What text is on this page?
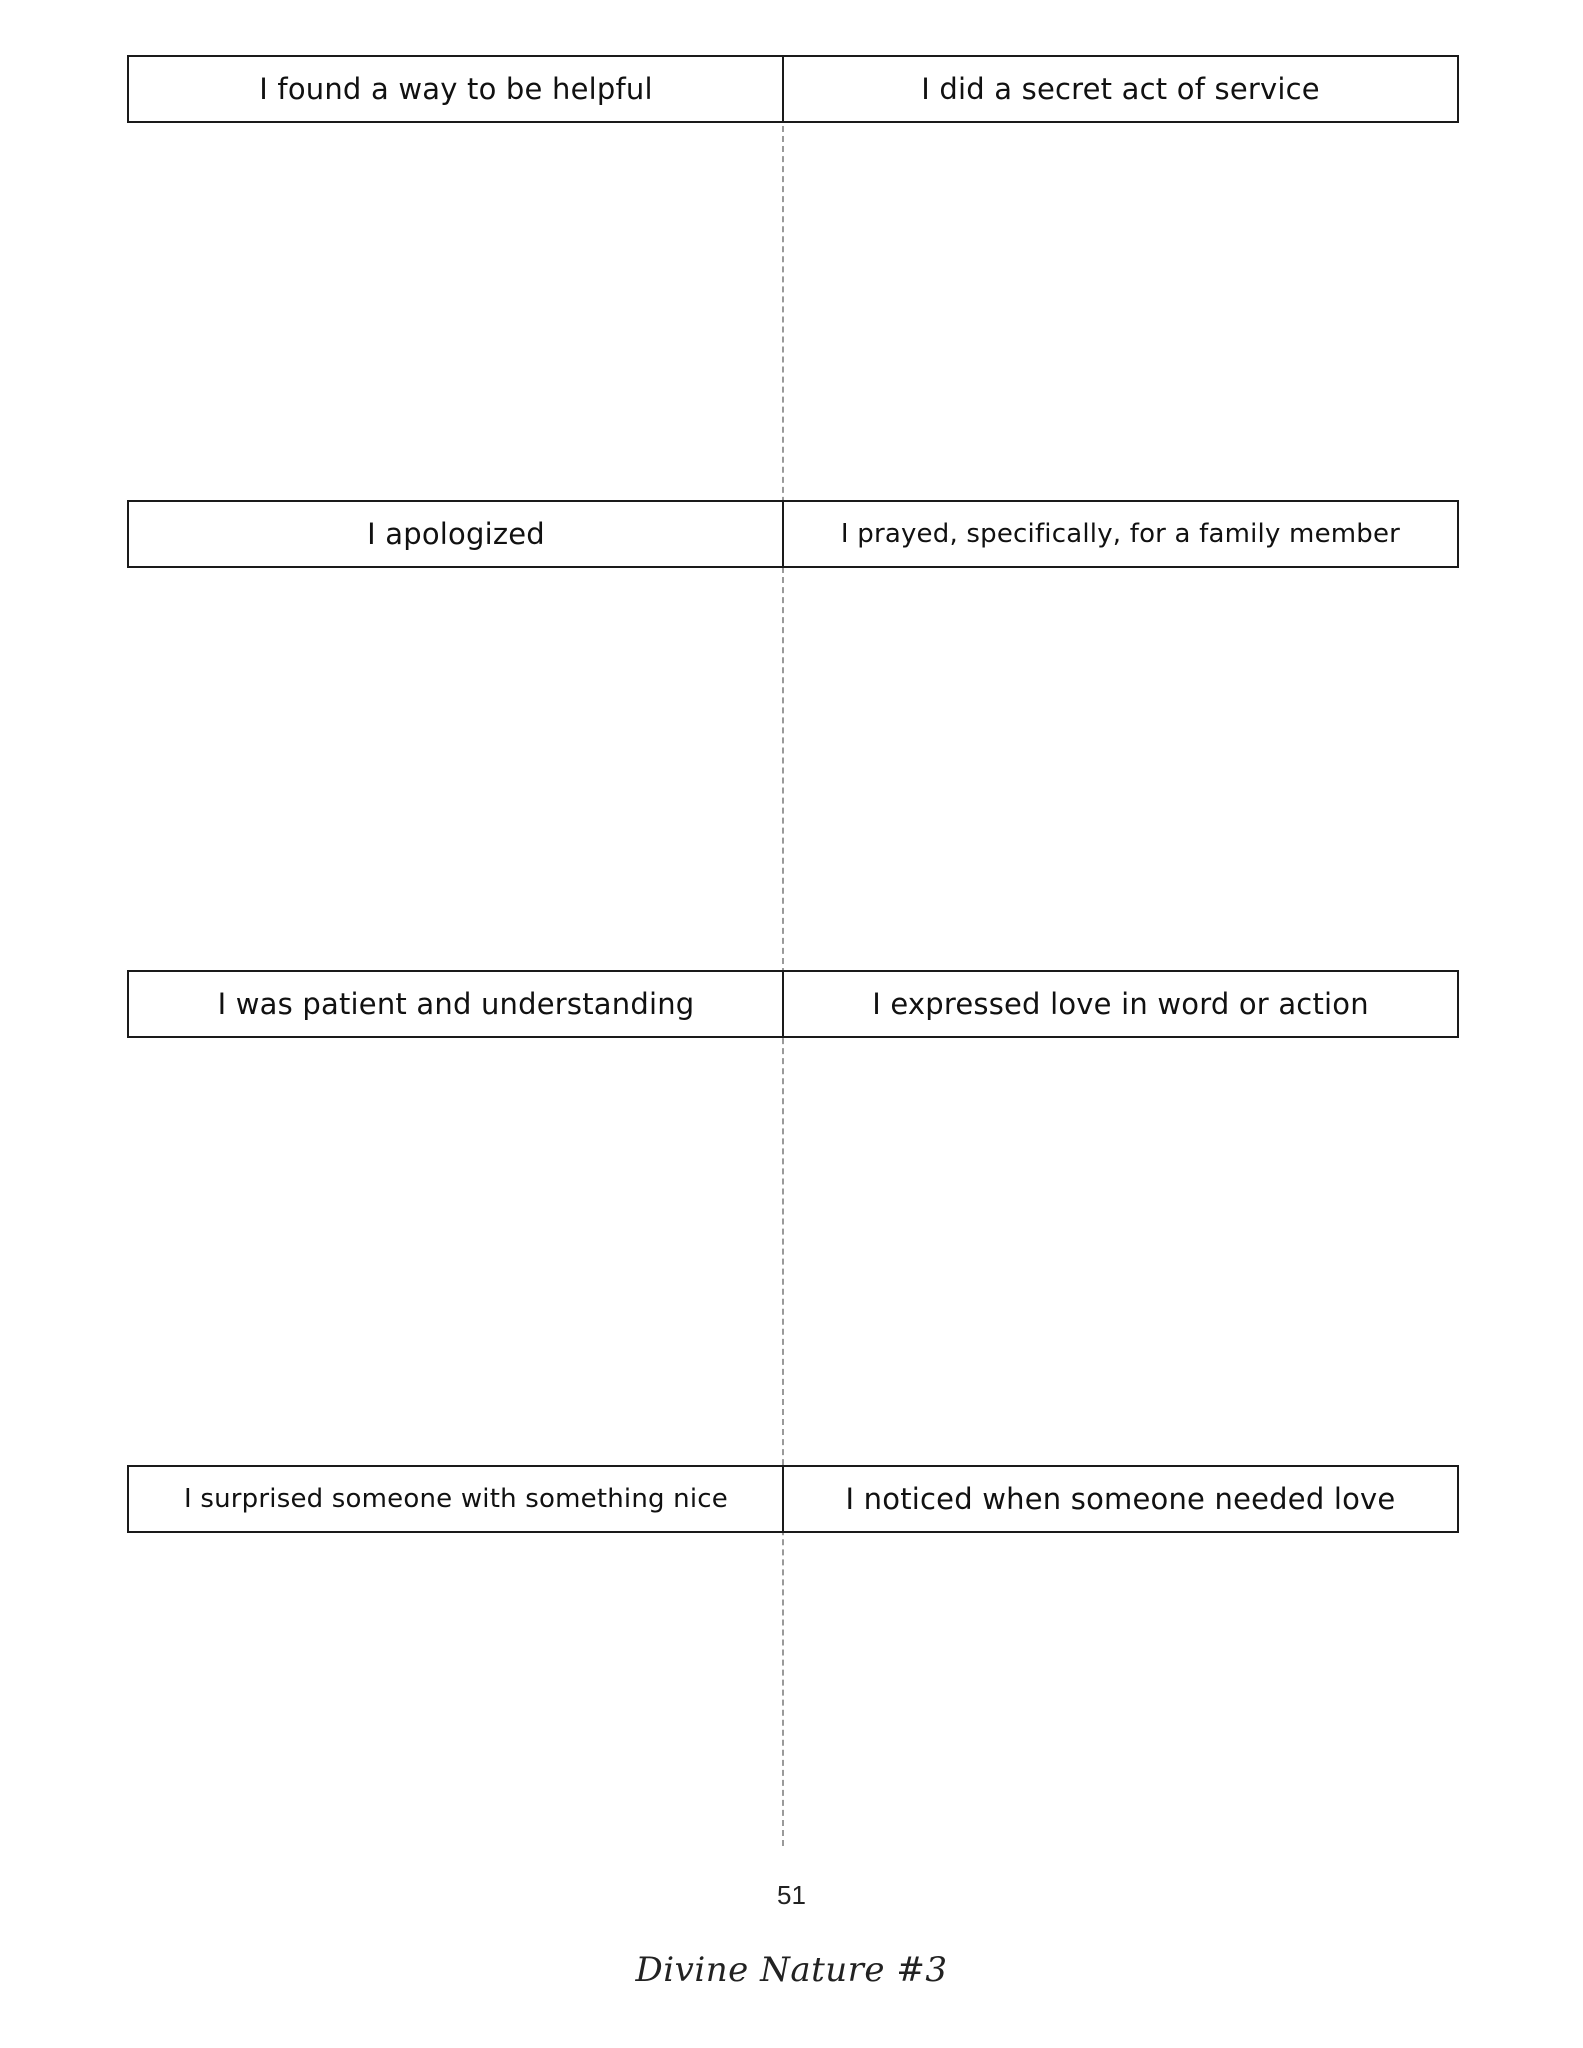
I found a way to be helpful	I did a secret act of service
I apologized	I prayed, specifically, for a family member
I was patient and understanding	I expressed love in word or action
I surprised someone with something nice	I noticed when someone needed love
51
Divine Nature #3
